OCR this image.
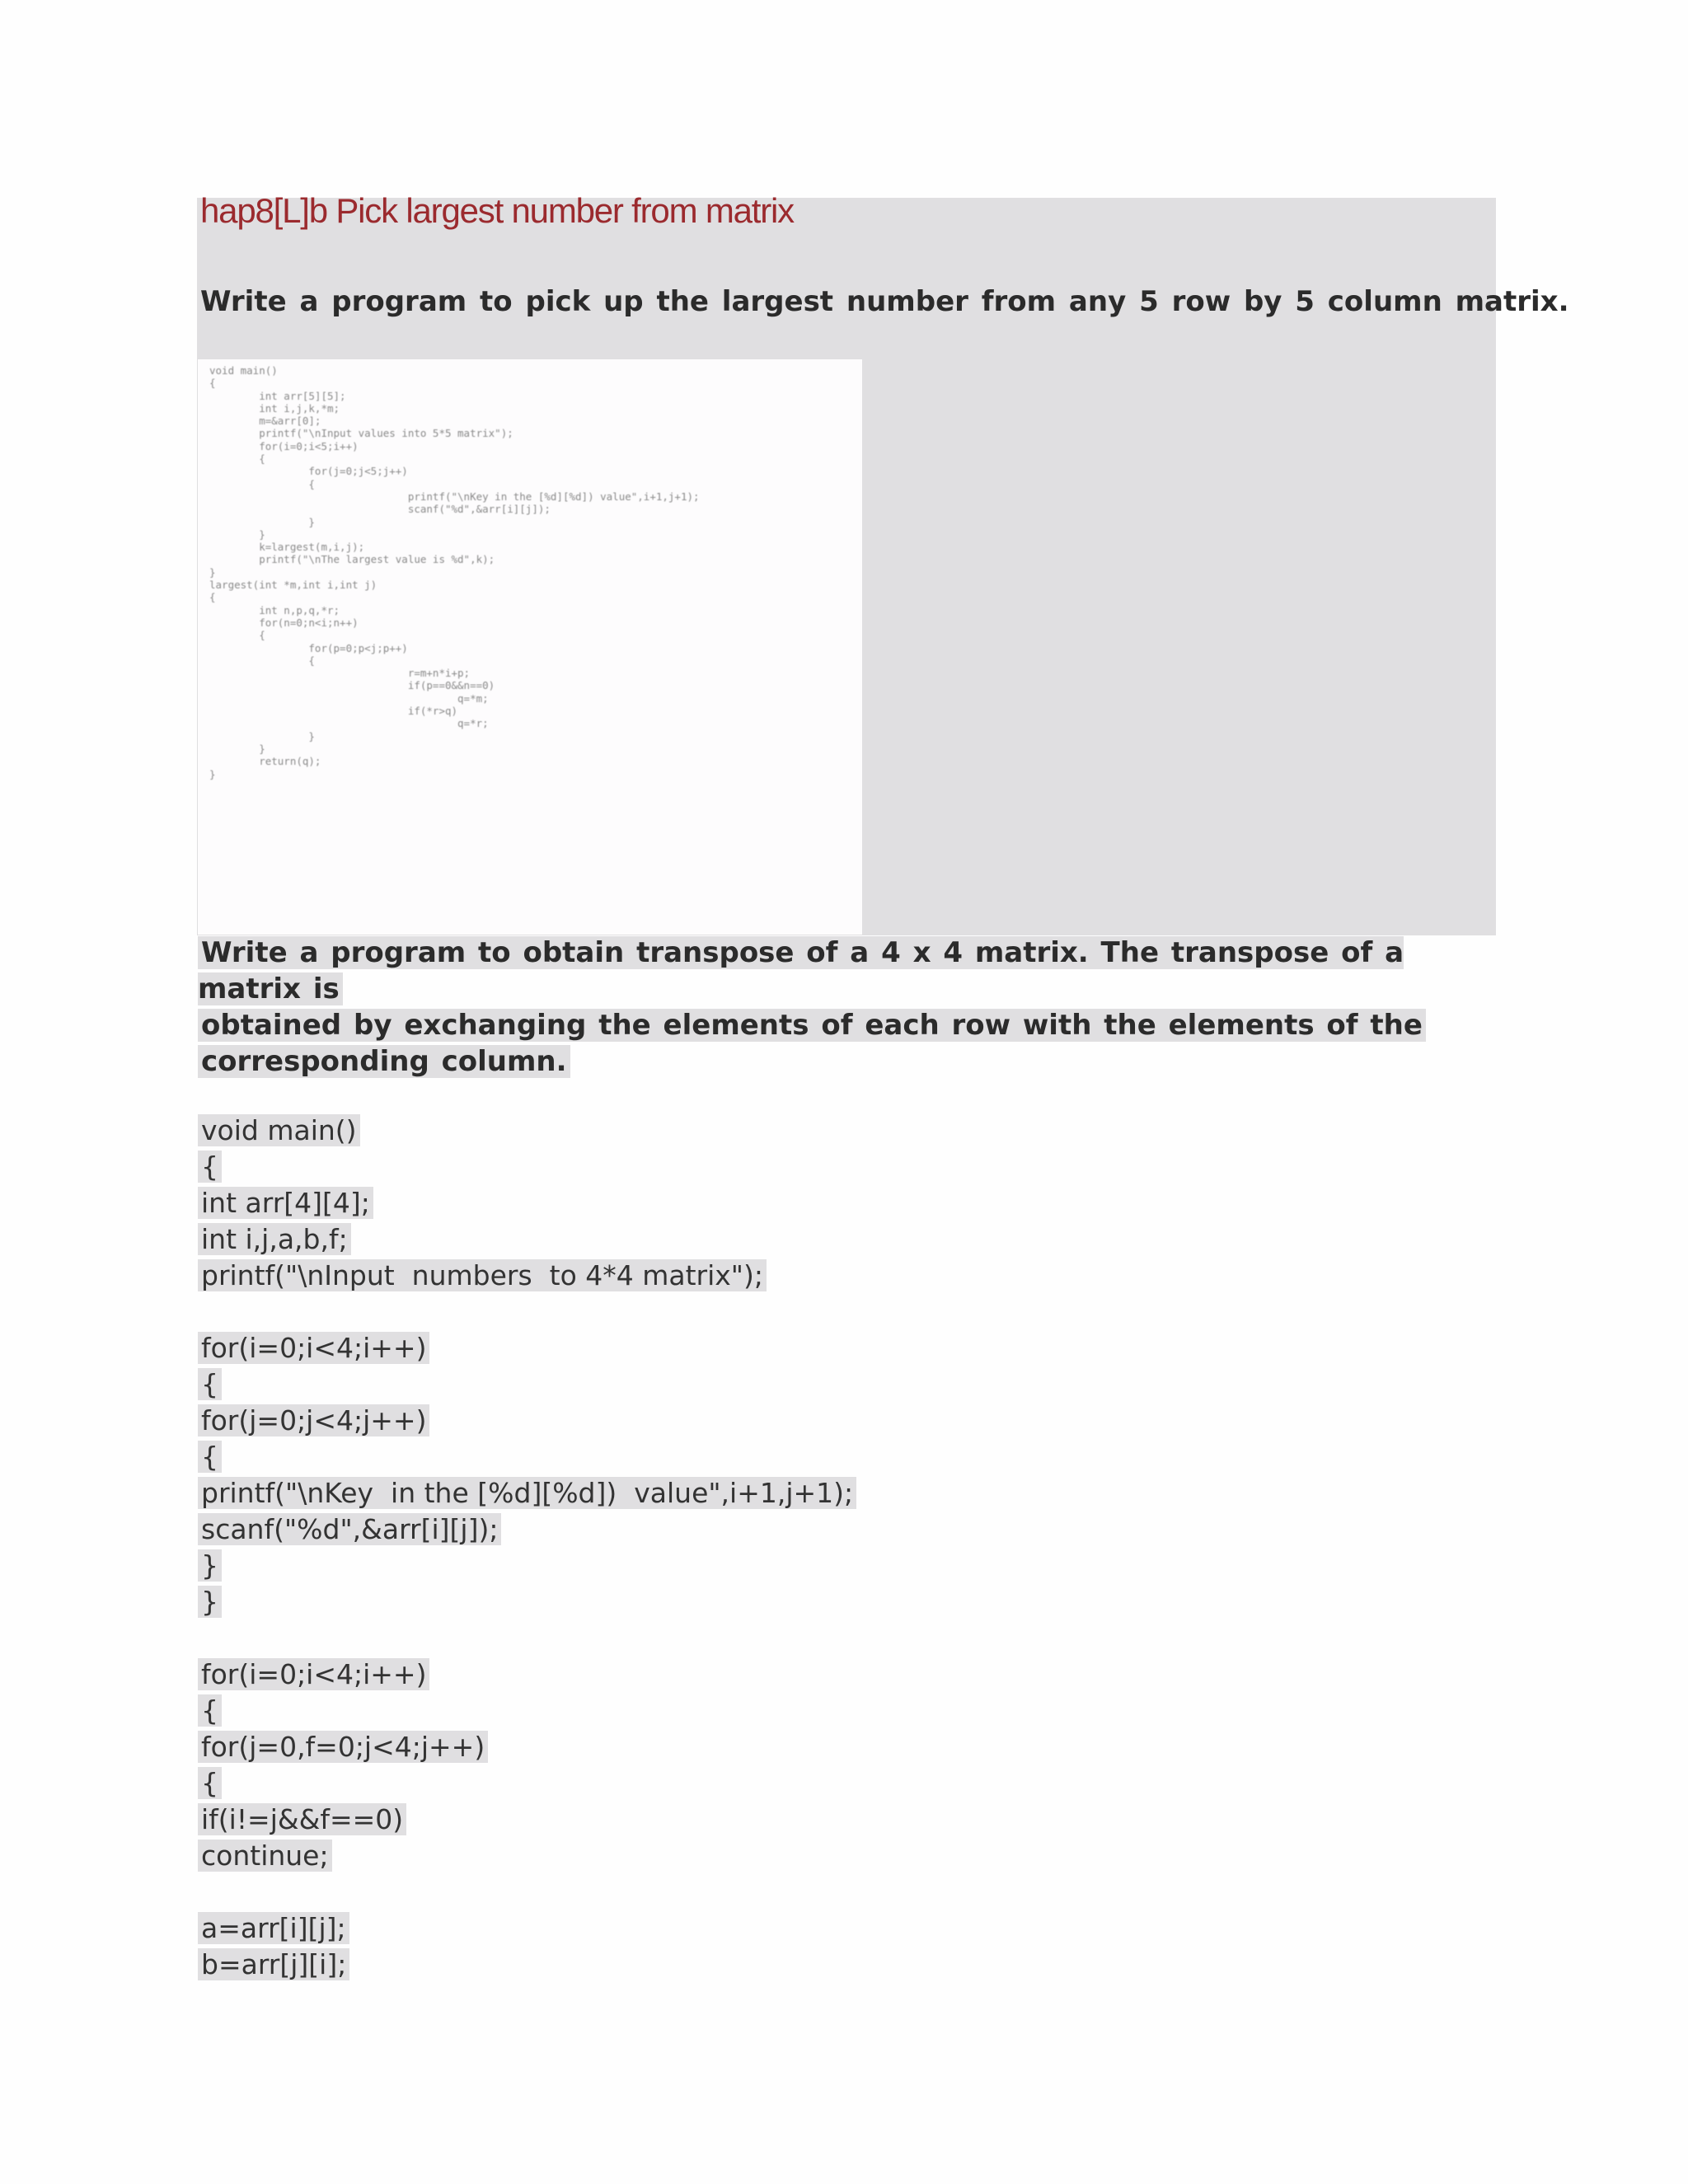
hap8[L]b Pick largest number from matrix

Write a program to pick up the largest number from any 5 row by 5 column matrix.

void main()
{
int arr[5][5];
int i,j,k,*m;
m=&arr[0];
printf("\nInput values into 5*5 matrix");
for(i=0;i<5;i++)
{
for(j=0;j<5;j++)
{
printf("\nKey in the [%d][%d]) value",i+1,j+1);
scanf("%d",&arr[i][j]);
}
}
k=largest(m,i,j);
printf("\nThe largest value is %d",k);
}
largest(int *m,int i,int j)
{
int n,p,q,*r;
for(n=0;n<i;n++)
{
for(p=0;p<j;p++)
{
r=m+n*i+p;
if(p==0&&n==0)
q=*m;
if(*r>q)
q=*r;
}
}
return(q);
}

Write a program to obtain transpose of a 4 x 4 matrix. The transpose of a matrix is
obtained by exchanging the elements of each row with the elements of the
corresponding column.

void main()
{
int arr[4][4];
int i,j,a,b,f;
printf("\nInput  numbers  to 4*4 matrix");
for(i=0;i<4;i++)
{
for(j=0;j<4;j++)
{
printf("\nKey  in the [%d][%d])  value",i+1,j+1);
scanf("%d",&arr[i][j]);
}
}
for(i=0;i<4;i++)
{
for(j=0,f=0;j<4;j++)
{
if(i!=j&&f==0)
continue;
a=arr[i][j];
b=arr[j][i];
